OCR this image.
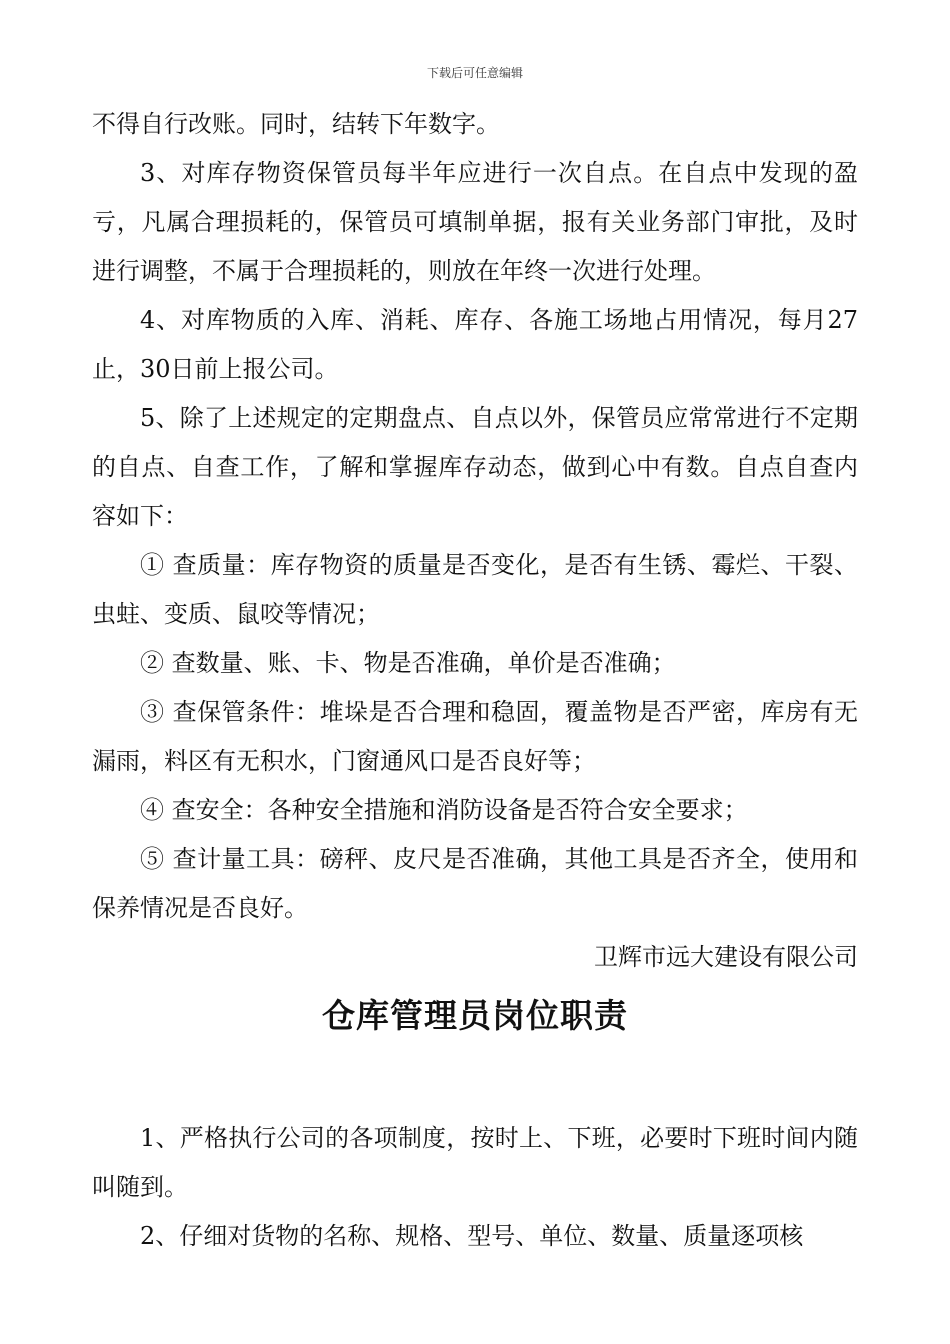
下载后可任意编辑

不得自行改账。同时，结转下年数字。

3、对库存物资保管员每半年应进行一次自点。在自点中发现的盈亏，凡属合理损耗的，保管员可填制单据，报有关业务部门审批，及时进行调整，不属于合理损耗的，则放在年终一次进行处理。

4、对库物质的入库、消耗、库存、各施工场地占用情况，每月27止，30日前上报公司。

5、除了上述规定的定期盘点、自点以外，保管员应常常进行不定期的自点、自查工作，了解和掌握库存动态，做到心中有数。自点自查内容如下：

① 查质量：库存物资的质量是否变化，是否有生锈、霉烂、干裂、虫蛀、变质、鼠咬等情况；

② 查数量、账、卡、物是否准确，单价是否准确；

③ 查保管条件：堆垛是否合理和稳固，覆盖物是否严密，库房有无漏雨，料区有无积水，门窗通风口是否良好等；

④ 查安全：各种安全措施和消防设备是否符合安全要求；

⑤ 查计量工具：磅秤、皮尺是否准确，其他工具是否齐全，使用和保养情况是否良好。

卫辉市远大建设有限公司

仓库管理员岗位职责

1、严格执行公司的各项制度，按时上、下班，必要时下班时间内随叫随到。

2、仔细对货物的名称、规格、型号、单位、数量、质量逐项核
